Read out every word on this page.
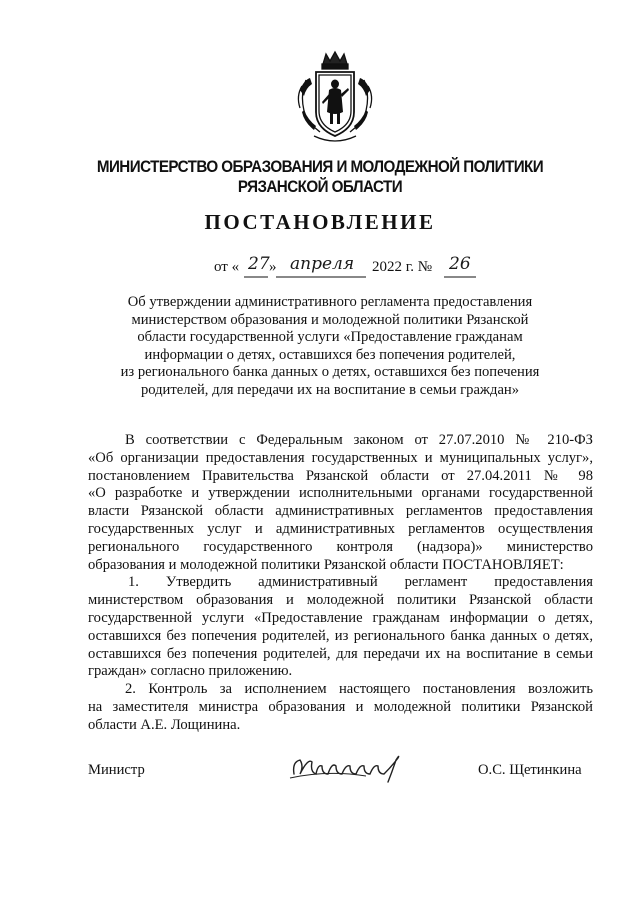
МИНИСТЕРСТВО ОБРАЗОВАНИЯ И МОЛОДЕЖНОЙ ПОЛИТИКИ
РЯЗАНСКОЙ ОБЛАСТИ
ПОСТАНОВЛЕНИЕ
от « 27 » апреля 2022 г. № 26
Об утверждении административного регламента предоставления
министерством образования и молодежной политики Рязанской
области государственной услуги «Предоставление гражданам
информации о детях, оставшихся без попечения родителей,
из регионального банка данных о детях, оставшихся без попечения
родителей, для передачи их на воспитание в семьи граждан»
В соответствии с Федеральным законом от 27.07.2010 № 210-ФЗ
«Об организации предоставления государственных и муниципальных услуг»,
постановлением Правительства Рязанской области от 27.04.2011 № 98
«О разработке и утверждении исполнительными органами государственной
власти Рязанской области административных регламентов предоставления
государственных услуг и административных регламентов осуществления
регионального государственного контроля (надзора)» министерство
образования и молодежной политики Рязанской области ПОСТАНОВЛЯЕТ:
1. Утвердить административный регламент предоставления
министерством образования и молодежной политики Рязанской области
государственной услуги «Предоставление гражданам информации о детях,
оставшихся без попечения родителей, из регионального банка данных о детях,
оставшихся без попечения родителей, для передачи их на воспитание в семьи
граждан» согласно приложению.
2. Контроль за исполнением настоящего постановления возложить
на заместителя министра образования и молодежной политики Рязанской
области А.Е. Лощинина.
Министр	О.С. Щетинкина
